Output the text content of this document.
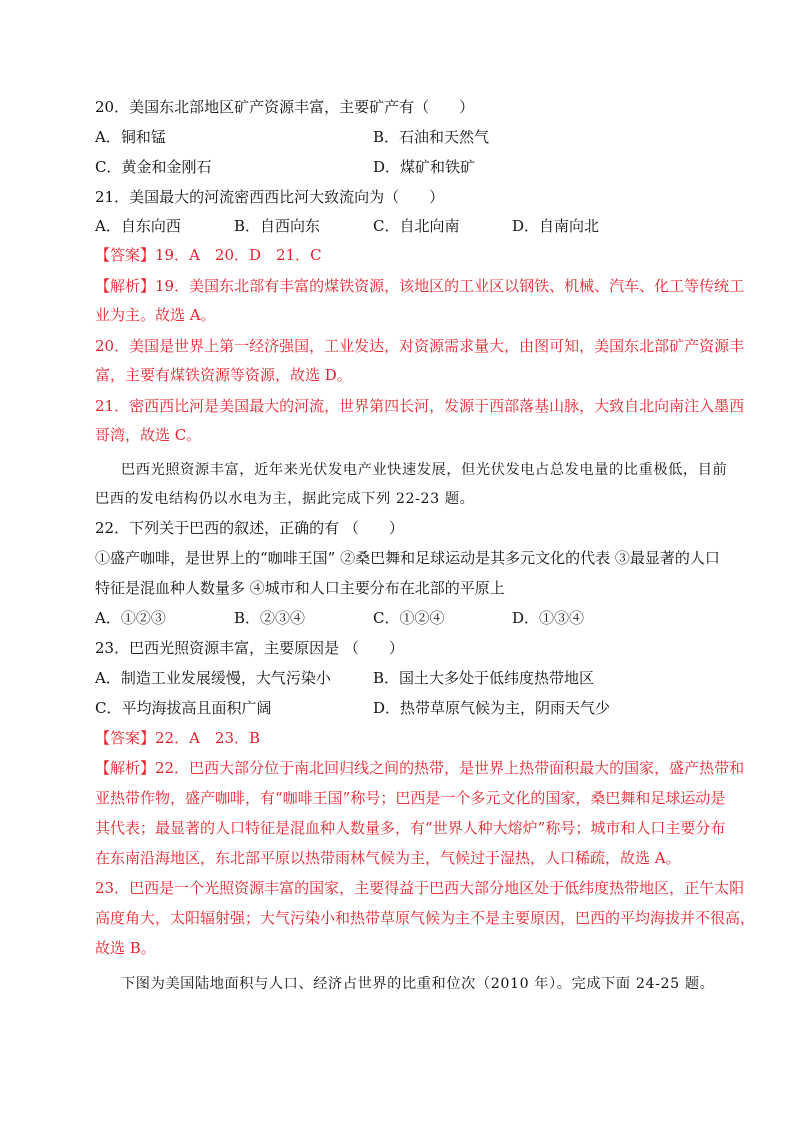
20．美国东北部地区矿产资源丰富，主要矿产有（　　）
A．铜和锰	B．石油和天然气
C．黄金和金刚石	D．煤矿和铁矿
21．美国最大的河流密西西比河大致流向为（　　）
A．自东向西	B．自西向东	C．自北向南	D．自南向北
【答案】19．A　20．D　21．C
【解析】19．美国东北部有丰富的煤铁资源，该地区的工业区以钢铁、机械、汽车、化工等传统工
业为主。故选 A。
20．美国是世界上第一经济强国，工业发达，对资源需求量大，由图可知，美国东北部矿产资源丰
富，主要有煤铁资源等资源，故选 D。
21．密西西比河是美国最大的河流，世界第四长河，发源于西部落基山脉，大致自北向南注入墨西
哥湾，故选 C。
巴西光照资源丰富，近年来光伏发电产业快速发展，但光伏发电占总发电量的比重极低，目前
巴西的发电结构仍以水电为主，据此完成下列 22-23 题。
22．下列关于巴西的叙述，正确的有 （　　）
①盛产咖啡，是世界上的“咖啡王国” ②桑巴舞和足球运动是其多元文化的代表 ③最显著的人口
特征是混血种人数量多 ④城市和人口主要分布在北部的平原上
A．①②③	B．②③④	C．①②④	D．①③④
23．巴西光照资源丰富，主要原因是 （　　）
A．制造工业发展缓慢，大气污染小	B．国土大多处于低纬度热带地区
C．平均海拔高且面积广阔	D．热带草原气候为主，阴雨天气少
【答案】22．A　23．B
【解析】22．巴西大部分位于南北回归线之间的热带，是世界上热带面积最大的国家，盛产热带和
亚热带作物，盛产咖啡，有“咖啡王国”称号；巴西是一个多元文化的国家，桑巴舞和足球运动是
其代表；最显著的人口特征是混血种人数量多，有“世界人种大熔炉”称号；城市和人口主要分布
在东南沿海地区，东北部平原以热带雨林气候为主，气候过于湿热，人口稀疏，故选 A。
23．巴西是一个光照资源丰富的国家，主要得益于巴西大部分地区处于低纬度热带地区，正午太阳
高度角大，太阳辐射强；大气污染小和热带草原气候为主不是主要原因，巴西的平均海拔并不很高，
故选 B。
下图为美国陆地面积与人口、经济占世界的比重和位次（2010 年）。完成下面 24-25 题。
